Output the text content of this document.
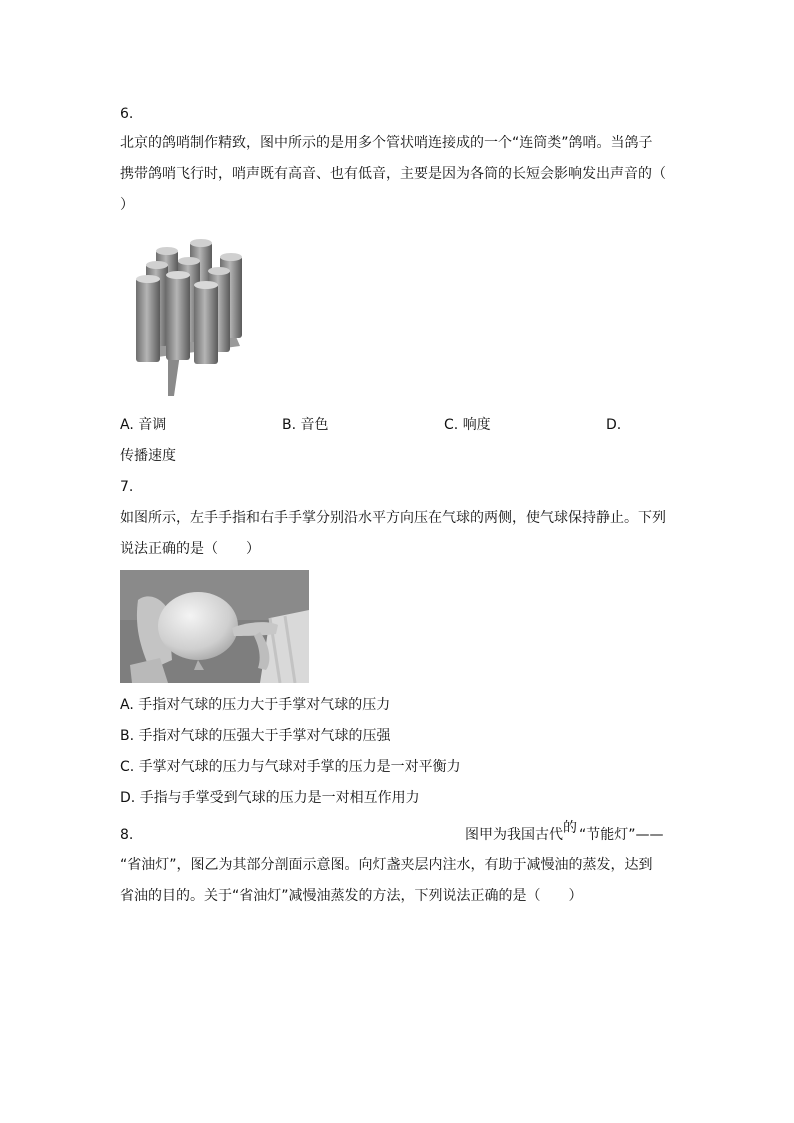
6.
北京的鸽哨制作精致，图中所示的是用多个管状哨连接成的一个“连筒类”鸽哨。当鸽子
携带鸽哨飞行时，哨声既有高音、也有低音，主要是因为各筒的长短会影响发出声音的（
）
A. 音调	B. 音色	C. 响度	D.
传播速度
7.
如图所示，左手手指和右手手掌分别沿水平方向压在气球的两侧，使气球保持静止。下列
说法正确的是（　　）
A. 手指对气球的压力大于手掌对气球的压力
B. 手指对气球的压强大于手掌对气球的压强
C. 手掌对气球的压力与气球对手掌的压力是一对平衡力
D. 手指与手掌受到气球的压力是一对相互作用力
8.	图甲为我国古代 的 “节能灯”——
“省油灯”，图乙为其部分剖面示意图。向灯盏夹层内注水，有助于减慢油的蒸发，达到
省油的目的。关于“省油灯”减慢油蒸发的方法，下列说法正确的是（　　）
